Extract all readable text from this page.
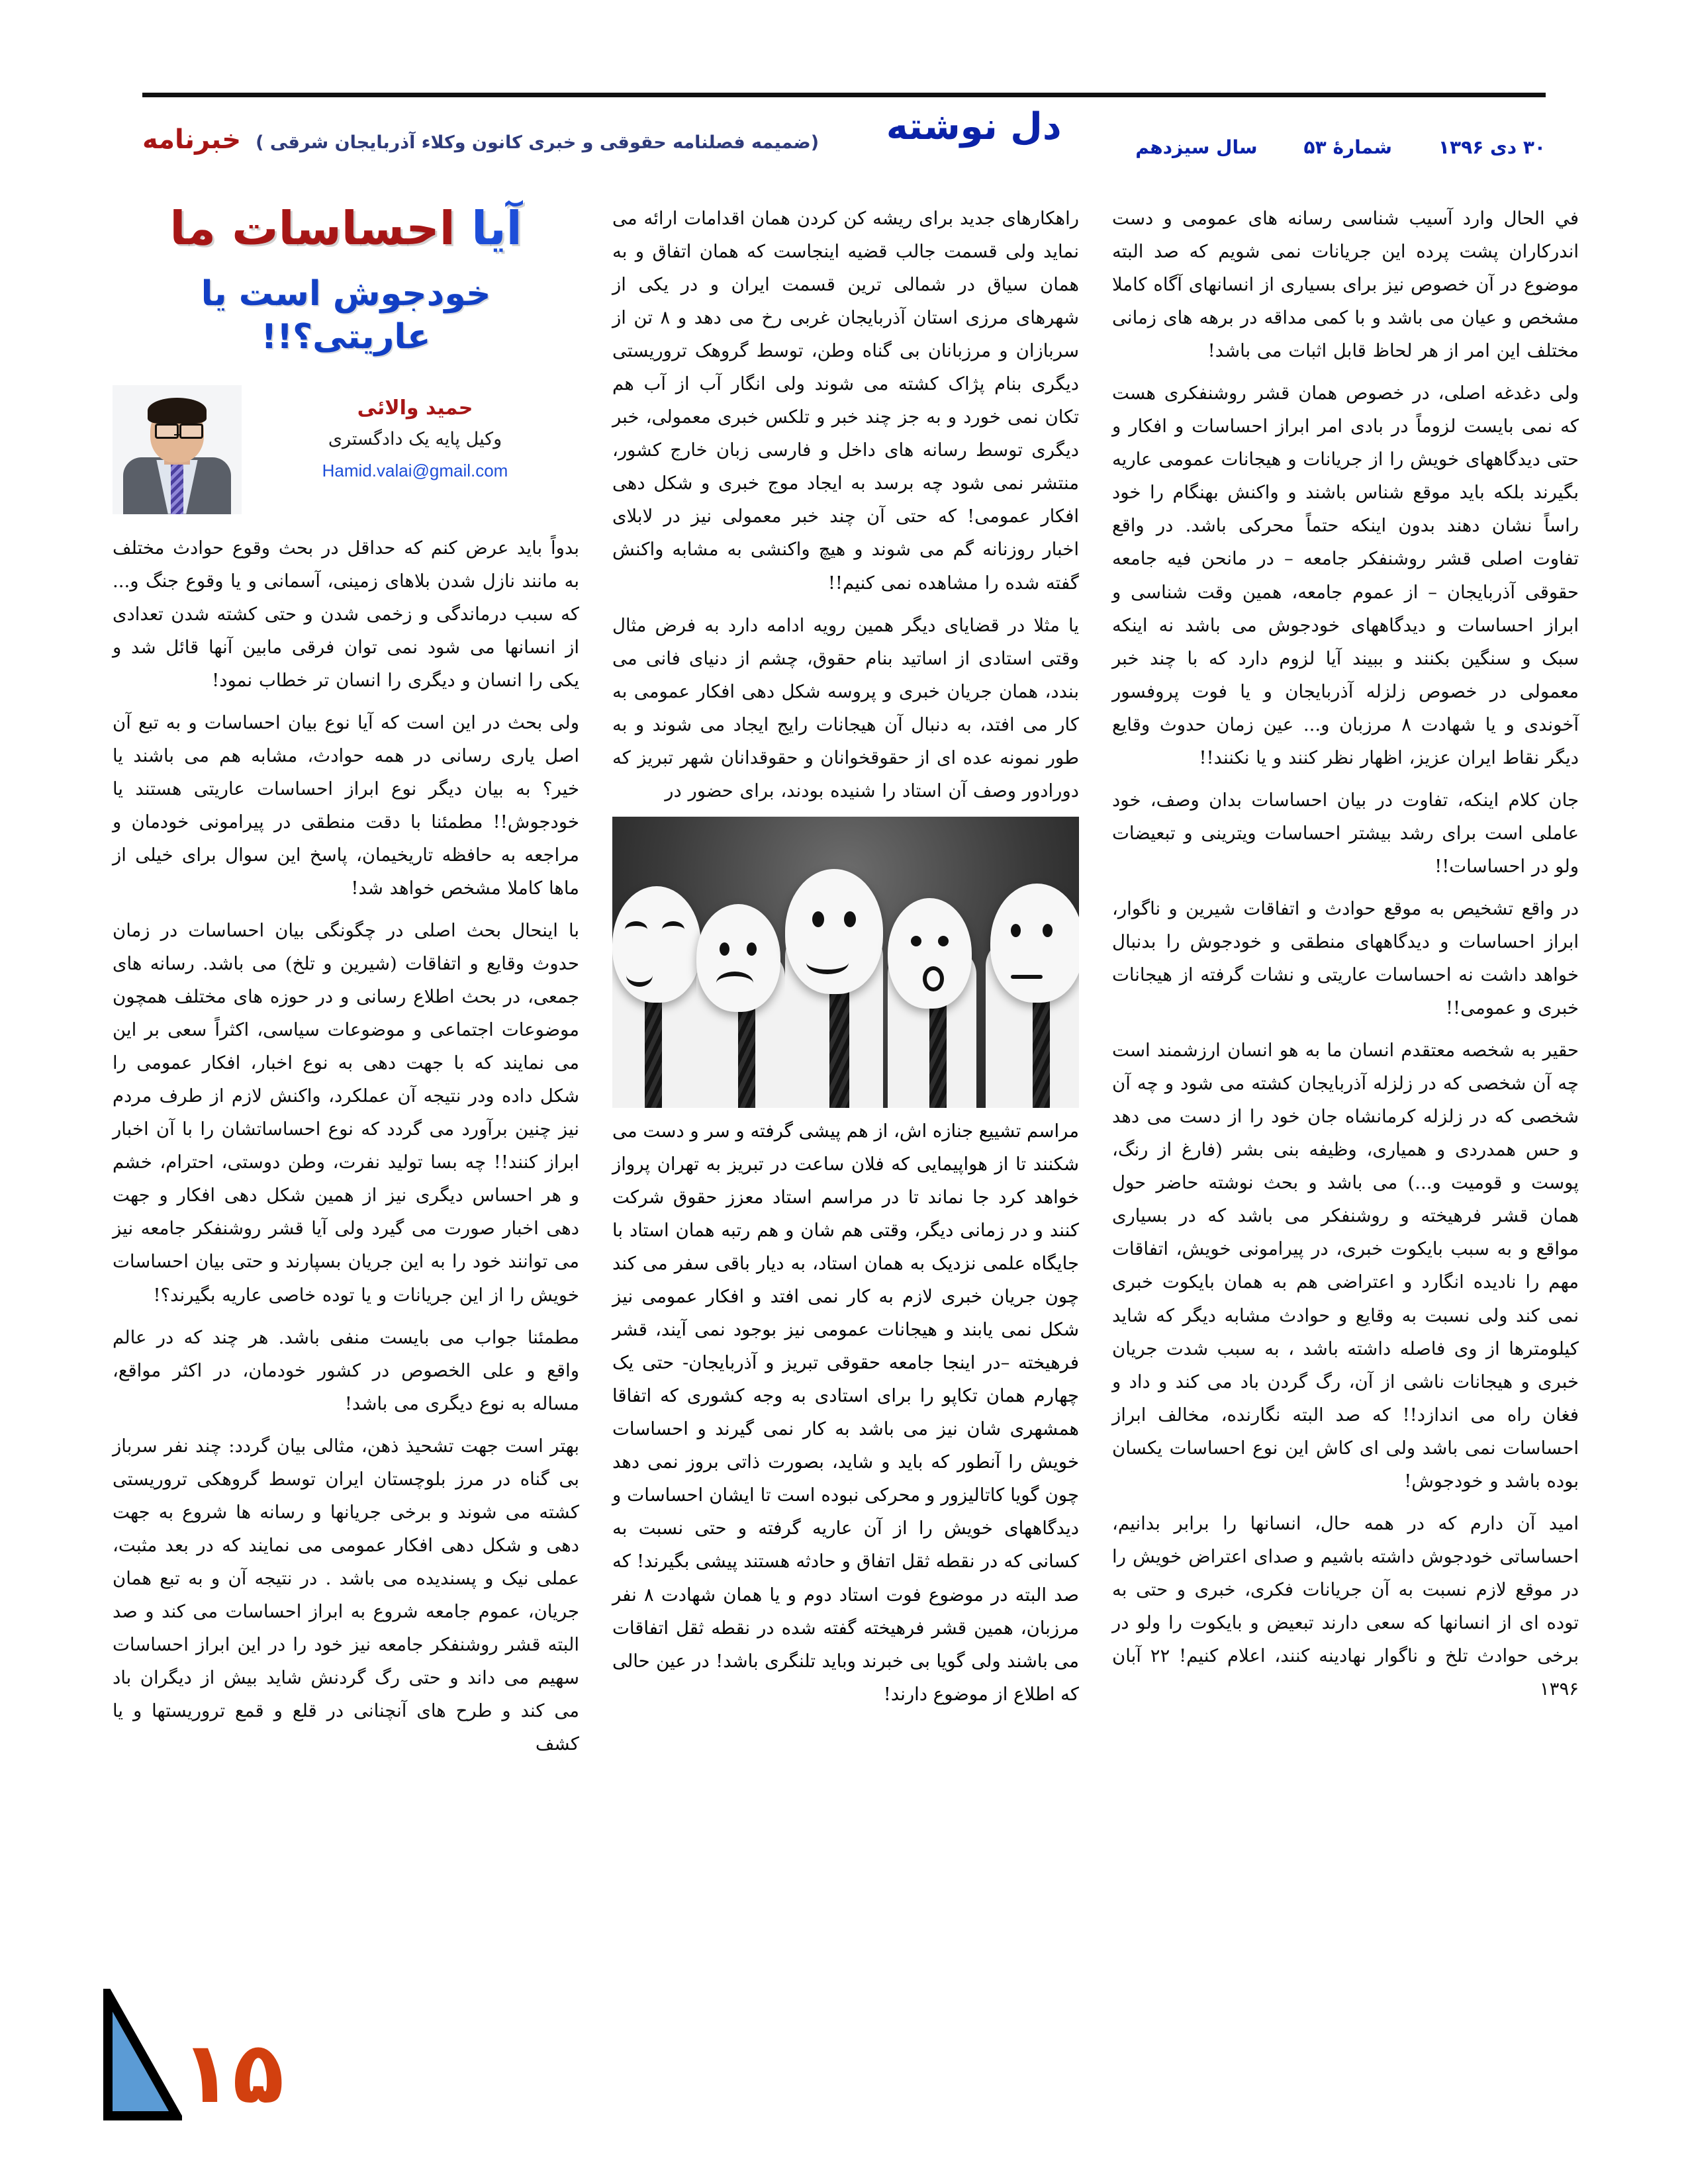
خبرنامه (ضمیمه فصلنامه حقوقی و خبری کانون وکلاء آذربایجان شرقی ) دل نوشته	سال سیزدهم	شمارهٔ ۵۳	۳۰ دی ۱۳۹۶
آیا احساسات ما
خودجوش است یا عاریتی؟!!
حمید والائی
وکیل پایه یک دادگستری
Hamid.valai@gmail.com

بدواً باید عرض کنم که حداقل در بحث وقوع حوادث مختلف به مانند نازل شدن بلاهای زمینی، آسمانی و یا وقوع جنگ و... که سبب درماندگی و زخمی شدن و حتی کشته شدن تعدادی از انسانها می شود نمی توان فرقی مابین آنها قائل شد و یکی را انسان و دیگری را انسان تر خطاب نمود!

ولی بحث در این است که آیا نوع بیان احساسات و به تبع آن اصل یاری رسانی در همه حوادث، مشابه هم می باشند یا خیر؟ به بیان دیگر نوع ابراز احساسات عاریتی هستند یا خودجوش!! مطمئنا با دقت منطقی در پیرامونی خودمان و مراجعه به حافظه تاریخیمان، پاسخ این سوال برای خیلی از ماها کاملا مشخص خواهد شد!

با اینحال بحث اصلی در چگونگی بیان احساسات در زمان حدوث وقایع و اتفاقات (شیرین و تلخ) می باشد. رسانه های جمعی، در بحث اطلاع رسانی و در حوزه های مختلف همچون موضوعات اجتماعی و موضوعات سیاسی، اکثراً سعی بر این می نمایند که با جهت دهی به نوع اخبار، افکار عمومی را شکل داده ودر نتیجه آن عملکرد، واکنش لازم از طرف مردم نیز چنین برآورد می گردد که نوع احساساتشان را با آن اخبار ابراز کنند!! چه بسا تولید نفرت، وطن دوستی، احترام، خشم و هر احساس دیگری نیز از همین شکل دهی افکار و جهت دهی اخبار صورت می گیرد ولی آیا قشر روشنفکر جامعه نیز می توانند خود را به این جریان بسپارند و حتی بیان احساسات خویش را از این جریانات و یا توده خاصی عاریه بگیرند؟!

مطمئنا جواب می بایست منفی باشد. هر چند که در عالم واقع و علی الخصوص در کشور خودمان، در اکثر مواقع، مساله به نوع دیگری می باشد!

بهتر است جهت تشحیذ ذهن، مثالی بیان گردد: چند نفر سرباز بی گناه در مرز بلوچستان ایران توسط گروهکی تروریستی کشته می شوند و برخی جریانها و رسانه ها شروع به جهت دهی و شکل دهی افکار عمومی می نمایند که در بعد مثبت، عملی نیک و پسندیده می باشد . در نتیجه آن و به تبع همان جریان، عموم جامعه شروع به ابراز احساسات می کند و صد البته قشر روشنفکر جامعه نیز خود را در این ابراز احساسات سهیم می داند و حتی رگ گردنش شاید بیش از دیگران باد می کند و طرح های آنچنانی در قلع و قمع تروریستها و یا کشف

راهکارهای جدید برای ریشه کن کردن همان اقدامات ارائه می نماید ولی قسمت جالب قضیه اینجاست که همان اتفاق و به همان سیاق در شمالی ترین قسمت ایران و در یکی از شهرهای مرزی استان آذربایجان غربی رخ می دهد و ۸ تن از سربازان و مرزبانان بی گناه وطن، توسط گروهک تروریستی دیگری بنام پژاک کشته می شوند ولی انگار آب از آب هم تکان نمی خورد و به جز چند خبر و تلکس خبری معمولی، خبر دیگری توسط رسانه های داخل و فارسی زبان خارج کشور، منتشر نمی شود چه برسد به ایجاد موج خبری و شکل دهی افکار عمومی! که حتی آن چند خبر معمولی نیز در لابلای اخبار روزنانه گم می شوند و هیچ واکنشی به مشابه واکنش گفته شده را مشاهده نمی کنیم!!

یا مثلا در قضایای دیگر همین رویه ادامه دارد به فرض مثال وقتی استادی از اساتید بنام حقوق، چشم از دنیای فانی می بندد، همان جریان خبری و پروسه شکل دهی افکار عمومی به کار می افتد، به دنبال آن هیجانات رایج ایجاد می شوند و به طور نمونه عده ای از حقوقخوانان و حقوقدانان شهر تبریز که دورادور وصف آن استاد را شنیده بودند، برای حضور در

مراسم تشییع جنازه اش، از هم پیشی گرفته و سر و دست می شکنند تا از هواپیمایی که فلان ساعت در تبریز به تهران پرواز خواهد کرد جا نماند تا در مراسم استاد معزز حقوق شرکت کنند و در زمانی دیگر، وقتی هم شان و هم رتبه همان استاد با جایگاه علمی نزدیک به همان استاد، به دیار باقی سفر می کند چون جریان خبری لازم به کار نمی افتد و افکار عمومی نیز شکل نمی یابند و هیجانات عمومی نیز بوجود نمی آیند، قشر فرهیخته –در اینجا جامعه حقوقی تبریز و آذربایجان- حتی یک چهارم همان تکاپو را برای استادی به وجه کشوری که اتفاقا همشهری شان نیز می باشد به کار نمی گیرند و احساسات خویش را آنطور که باید و شاید، بصورت ذاتی بروز نمی دهد چون گویا کاتالیزور و محرکی نبوده است تا ایشان احساسات و دیدگاههای خویش را از آن عاریه گرفته و حتی نسبت به کسانی که در نقطه ثقل اتفاق و حادثه هستند پیشی بگیرند! که صد البته در موضوع فوت استاد دوم و یا همان شهادت ۸ نفر مرزبان، همین قشر فرهیخته گفته شده در نقطه ثقل اتفاقات می باشند ولی گویا بی خبرند وباید تلنگری باشد! در عین حالی که اطلاع از موضوع دارند!

في الحال وارد آسیب شناسی رسانه های عمومی و دست اندرکاران پشت پرده این جریانات نمی شویم که صد البته موضوع در آن خصوص نیز برای بسیاری از انسانهای آگاه کاملا مشخص و عیان می باشد و با کمی مداقه در برهه های زمانی مختلف این امر از هر لحاظ قابل اثبات می باشد!

ولی دغدغه اصلی، در خصوص همان قشر روشنفکری هست که نمی بایست لزوماً در بادی امر ابراز احساسات و افکار و حتی دیدگاههای خویش را از جریانات و هیجانات عمومی عاریه بگیرند بلکه باید موقع شناس باشند و واکنش بهنگام را خود راساً نشان دهند بدون اینکه حتماً محرکی باشد. در واقع تفاوت اصلی قشر روشنفکر جامعه – در مانحن فیه جامعه حقوقی آذربایجان – از عموم جامعه، همین وقت شناسی و ابراز احساسات و دیدگاههای خودجوش می باشد نه اینکه سبک و سنگین بکنند و ببیند آیا لزوم دارد که با چند خبر معمولی در خصوص زلزله آذربایجان و یا فوت پروفسور آخوندی و یا شهادت ۸ مرزبان و... عین زمان حدوث وقایع دیگر نقاط ایران عزیز، اظهار نظر کنند و یا نکنند!!

جان کلام اینکه، تفاوت در بیان احساسات بدان وصف، خود عاملی است برای رشد بیشتر احساسات ویترینی و تبعیضات ولو در احساسات!!

در واقع تشخیص به موقع حوادث و اتفاقات شیرین و ناگوار، ابراز احساسات و دیدگاههای منطقی و خودجوش را بدنبال خواهد داشت نه احساسات عاریتی و نشات گرفته از هیجانات خبری و عمومی!!

حقیر به شخصه معتقدم انسان ما به هو انسان ارزشمند است چه آن شخصی که در زلزله آذربایجان کشته می شود و چه آن شخصی که در زلزله کرمانشاه جان خود را از دست می دهد و حس همدردی و همیاری، وظیفه بنی بشر (فارغ از رنگ، پوست و قومیت و...) می باشد و بحث نوشته حاضر حول همان قشر فرهیخته و روشنفکر می باشد که در بسیاری مواقع و به سبب بایکوت خبری، در پیرامونی خویش، اتفاقات مهم را نادیده انگارد و اعتراضی هم به همان بایکوت خبری نمی کند ولی نسبت به وقایع و حوادث مشابه دیگر که شاید کیلومترها از وی فاصله داشته باشد ، به سبب شدت جریان خبری و هیجانات ناشی از آن، رگ گردن باد می کند و داد و فغان راه می اندازد!! که صد البته نگارنده، مخالف ابراز احساسات نمی باشد ولی ای کاش این نوع احساسات یکسان بوده باشد و خودجوش!

امید آن دارم که در همه حال، انسانها را برابر بدانیم، احساساتی خودجوش داشته باشیم و صدای اعتراض خویش را در موقع لازم نسبت به آن جریانات فکری، خبری و حتی به توده ای از انسانها که سعی دارند تبعیض و بایکوت را ولو در برخی حوادث تلخ و ناگوار نهادینه کنند، اعلام کنیم! ۲۲ آبان ۱۳۹۶

۱۵
